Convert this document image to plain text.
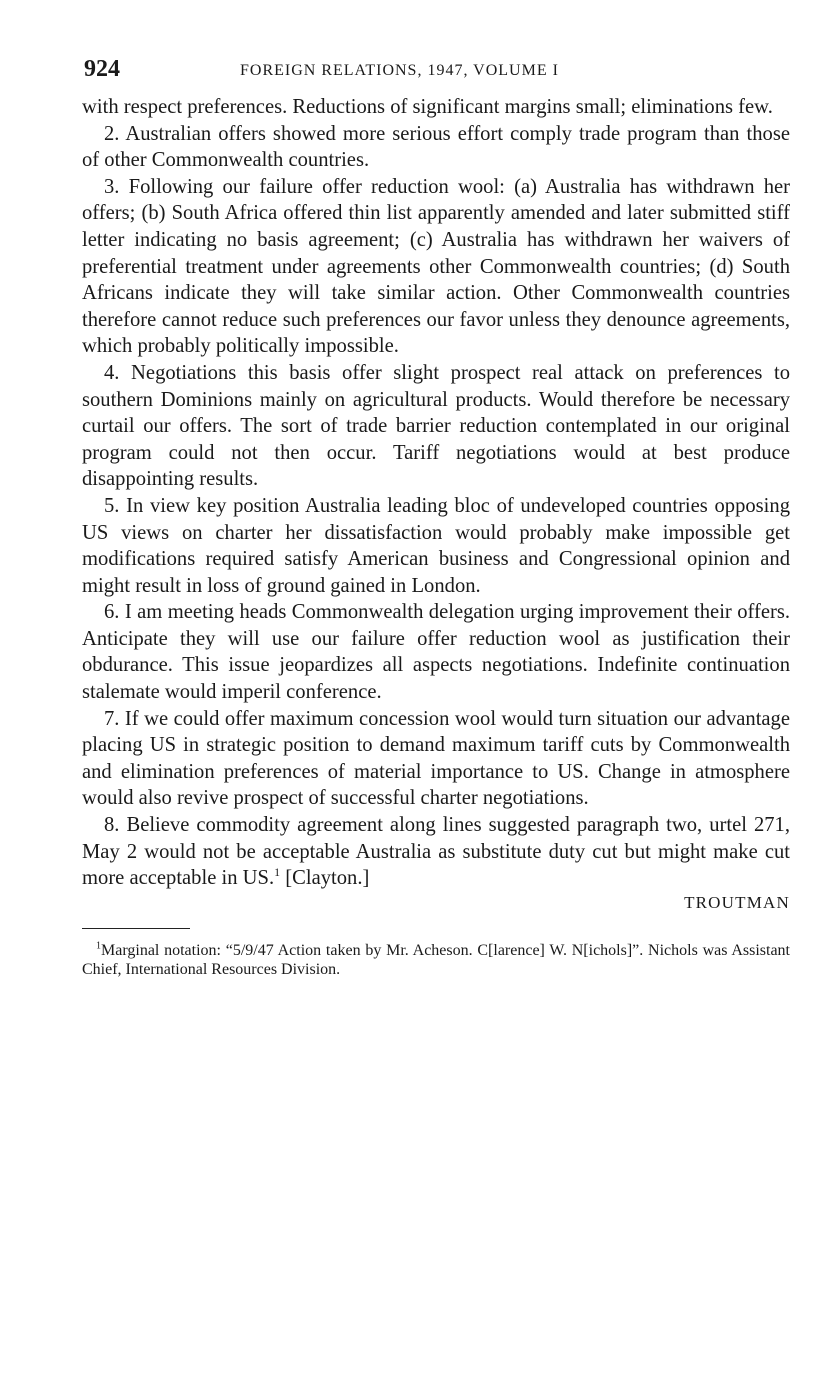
924	FOREIGN RELATIONS, 1947, VOLUME I

with respect preferences. Reductions of significant margins small; eliminations few.

2. Australian offers showed more serious effort comply trade program than those of other Commonwealth countries.

3. Following our failure offer reduction wool: (a) Australia has withdrawn her offers; (b) South Africa offered thin list apparently amended and later submitted stiff letter indicating no basis agreement; (c) Australia has withdrawn her waivers of preferential treatment under agreements other Commonwealth countries; (d) South Africans indicate they will take similar action. Other Commonwealth countries therefore cannot reduce such preferences our favor unless they denounce agreements, which probably politically impossible.

4. Negotiations this basis offer slight prospect real attack on preferences to southern Dominions mainly on agricultural products. Would therefore be necessary curtail our offers. The sort of trade barrier reduction contemplated in our original program could not then occur. Tariff negotiations would at best produce disappointing results.

5. In view key position Australia leading bloc of undeveloped countries opposing US views on charter her dissatisfaction would probably make impossible get modifications required satisfy American business and Congressional opinion and might result in loss of ground gained in London.

6. I am meeting heads Commonwealth delegation urging improvement their offers. Anticipate they will use our failure offer reduction wool as justification their obdurance. This issue jeopardizes all aspects negotiations. Indefinite continuation stalemate would imperil conference.

7. If we could offer maximum concession wool would turn situation our advantage placing US in strategic position to demand maximum tariff cuts by Commonwealth and elimination preferences of material importance to US. Change in atmosphere would also revive prospect of successful charter negotiations.

8. Believe commodity agreement along lines suggested paragraph two, urtel 271, May 2 would not be acceptable Australia as substitute duty cut but might make cut more acceptable in US.$^1$ [Clayton.]

TROUTMAN

$^1$Marginal notation: “5/9/47 Action taken by Mr. Acheson. C[larence] W. N[ichols]”. Nichols was Assistant Chief, International Resources Division.
